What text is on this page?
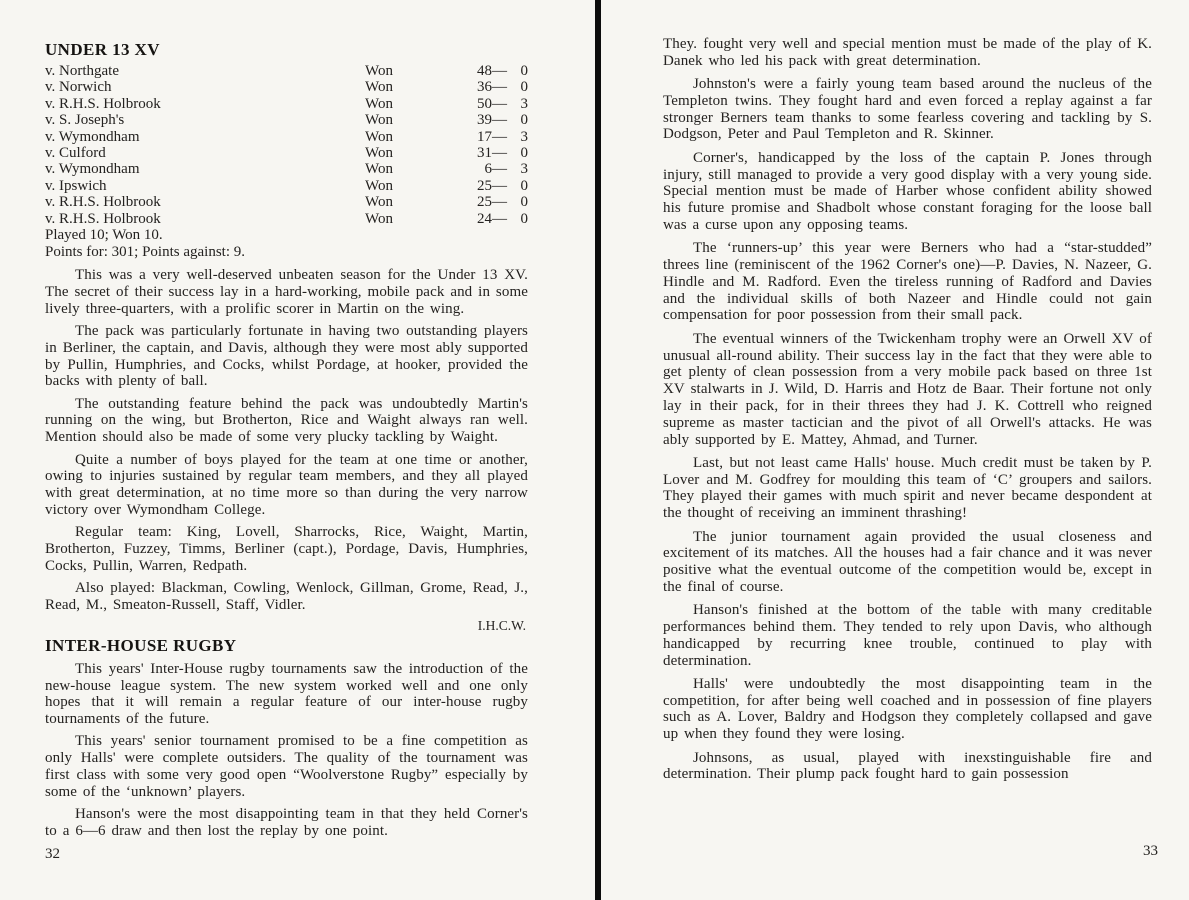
UNDER 13 XV
v. Northgate	Won	48 — 0
v. Norwich	Won	36 — 0
v. R.H.S. Holbrook	Won	50 — 3
v. S. Joseph's	Won	39 — 0
v. Wymondham	Won	17 — 3
v. Culford	Won	31 — 0
v. Wymondham	Won	6 — 3
v. Ipswich	Won	25 — 0
v. R.H.S. Holbrook	Won	25 — 0
v. R.H.S. Holbrook	Won	24 — 0
Played 10; Won 10.
Points for: 301; Points against: 9.

This was a very well-deserved unbeaten season for the Under 13 XV. The secret of their success lay in a hard-working, mobile pack and in some lively three-quarters, with a prolific scorer in Martin on the wing.

The pack was particularly fortunate in having two outstanding players in Berliner, the captain, and Davis, although they were most ably supported by Pullin, Humphries, and Cocks, whilst Pordage, at hooker, provided the backs with plenty of ball.

The outstanding feature behind the pack was undoubtedly Martin's running on the wing, but Brotherton, Rice and Waight always ran well. Mention should also be made of some very plucky tackling by Waight.

Quite a number of boys played for the team at one time or another, owing to injuries sustained by regular team members, and they all played with great determination, at no time more so than during the very narrow victory over Wymondham College.

Regular team: King, Lovell, Sharrocks, Rice, Waight, Martin, Brotherton, Fuzzey, Timms, Berliner (capt.), Pordage, Davis, Humphries, Cocks, Pullin, Warren, Redpath.

Also played: Blackman, Cowling, Wenlock, Gillman, Grome, Read, J., Read, M., Smeaton-Russell, Staff, Vidler.

I.H.C.W.
INTER-HOUSE RUGBY

This years' Inter-House rugby tournaments saw the introduction of the new-house league system. The new system worked well and one only hopes that it will remain a regular feature of our inter-house rugby tournaments of the future.

This years' senior tournament promised to be a fine competition as only Halls' were complete outsiders. The quality of the tournament was first class with some very good open “Woolverstone Rugby” especially by some of the ‘unknown’ players.

Hanson's were the most disappointing team in that they held Corner's to a 6—6 draw and then lost the replay by one point.

32

They. fought very well and special mention must be made of the play of K. Danek who led his pack with great determination.

Johnston's were a fairly young team based around the nucleus of the Templeton twins. They fought hard and even forced a replay against a far stronger Berners team thanks to some fearless covering and tackling by S. Dodgson, Peter and Paul Templeton and R. Skinner.

Corner's, handicapped by the loss of the captain P. Jones through injury, still managed to provide a very good display with a very young side. Special mention must be made of Harber whose confident ability showed his future promise and Shadbolt whose constant foraging for the loose ball was a curse upon any opposing teams.

The ‘runners-up’ this year were Berners who had a “star-studded” threes line (reminiscent of the 1962 Corner's one)—P. Davies, N. Nazeer, G. Hindle and M. Radford. Even the tireless running of Radford and Davies and the individual skills of both Nazeer and Hindle could not gain compensation for poor possession from their small pack.

The eventual winners of the Twickenham trophy were an Orwell XV of unusual all-round ability. Their success lay in the fact that they were able to get plenty of clean possession from a very mobile pack based on three 1st XV stalwarts in J. Wild, D. Harris and Hotz de Baar. Their fortune not only lay in their pack, for in their threes they had J. K. Cottrell who reigned supreme as master tactician and the pivot of all Orwell's attacks. He was ably supported by E. Mattey, Ahmad, and Turner.

Last, but not least came Halls' house. Much credit must be taken by P. Lover and M. Godfrey for moulding this team of ‘C’ groupers and sailors. They played their games with much spirit and never became despondent at the thought of receiving an imminent thrashing!

The junior tournament again provided the usual closeness and excitement of its matches. All the houses had a fair chance and it was never positive what the eventual outcome of the competition would be, except in the final of course.

Hanson's finished at the bottom of the table with many creditable performances behind them. They tended to rely upon Davis, who although handicapped by recurring knee trouble, continued to play with determination.

Halls' were undoubtedly the most disappointing team in the competition, for after being well coached and in possession of fine players such as A. Lover, Baldry and Hodgson they completely collapsed and gave up when they found they were losing.

Johnsons, as usual, played with inexstinguishable fire and determination. Their plump pack fought hard to gain possession

33
